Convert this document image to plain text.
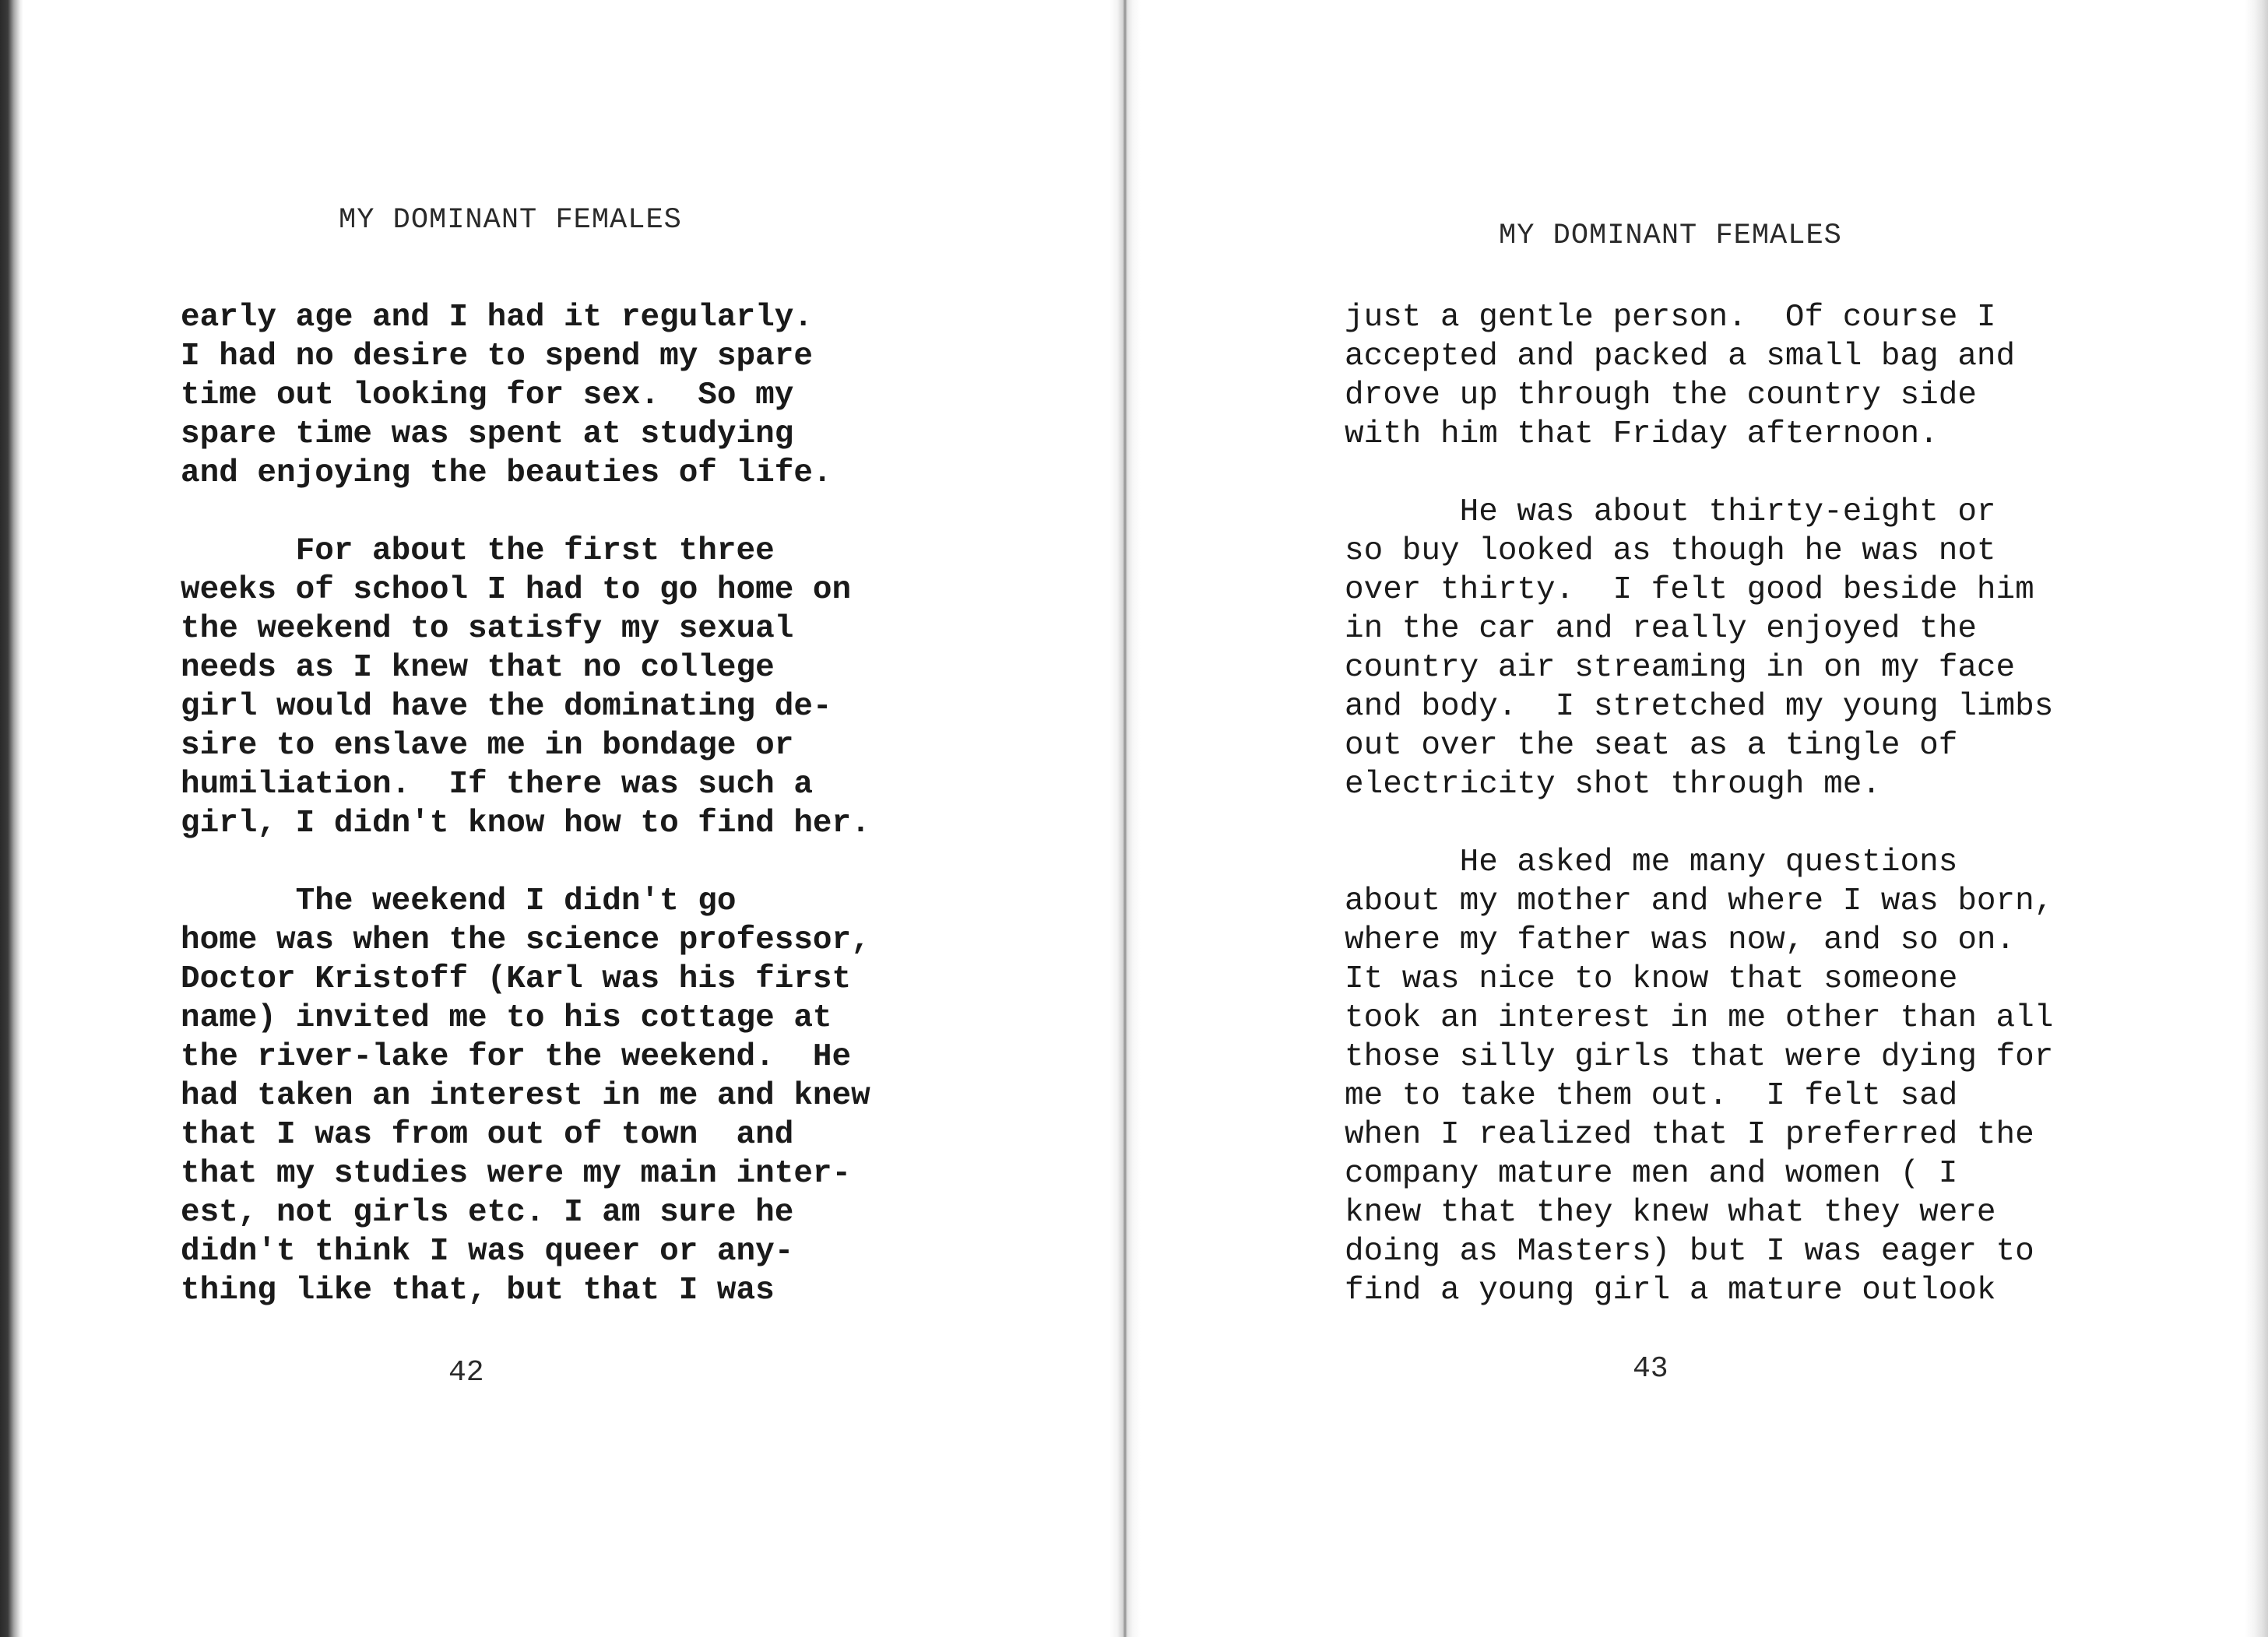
MY DOMINANT FEMALES
early age and I had it regularly.
I had no desire to spend my spare
time out looking for sex.  So my
spare time was spent at studying
and enjoying the beauties of life.
For about the first three
weeks of school I had to go home on
the weekend to satisfy my sexual
needs as I knew that no college
girl would have the dominating de-
sire to enslave me in bondage or
humiliation.  If there was such a
girl, I didn't know how to find her.
The weekend I didn't go
home was when the science professor,
Doctor Kristoff (Karl was his first
name) invited me to his cottage at
the river-lake for the weekend.  He
had taken an interest in me and knew
that I was from out of town  and
that my studies were my main inter-
est, not girls etc. I am sure he
didn't think I was queer or any-
thing like that, but that I was
42
MY DOMINANT FEMALES
just a gentle person.  Of course I
accepted and packed a small bag and
drove up through the country side
with him that Friday afternoon.
He was about thirty-eight or
so buy looked as though he was not
over thirty.  I felt good beside him
in the car and really enjoyed the
country air streaming in on my face
and body.  I stretched my young limbs
out over the seat as a tingle of
electricity shot through me.
He asked me many questions
about my mother and where I was born,
where my father was now, and so on.
It was nice to know that someone
took an interest in me other than all
those silly girls that were dying for
me to take them out.  I felt sad
when I realized that I preferred the
company mature men and women ( I
knew that they knew what they were
doing as Masters) but I was eager to
find a young girl a mature outlook
43
